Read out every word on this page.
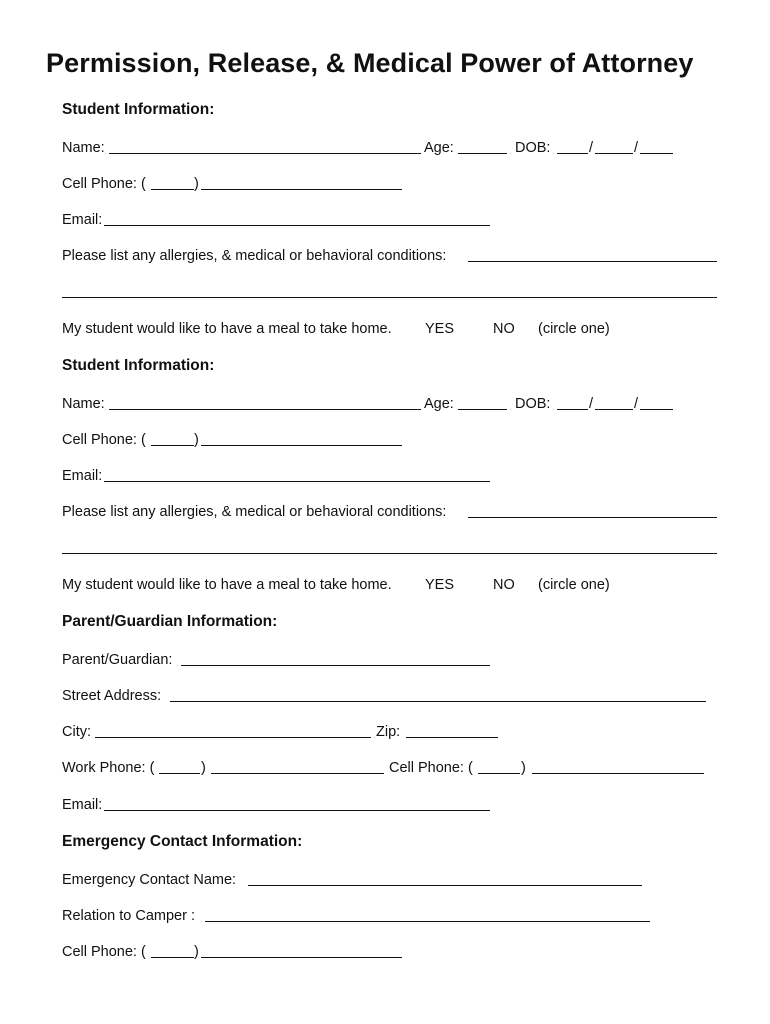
Permission, Release, & Medical Power of Attorney
Student Information:
Name:	Age:	DOB:	/	/
Cell Phone: (	)
Email:
Please list any allergies, & medical or behavioral conditions:
My student would like to have a meal to take home. YES	NO (circle one)
Student Information:
Name:	Age:	DOB:	/	/
Cell Phone: (	)
Email:
Please list any allergies, & medical or behavioral conditions:
My student would like to have a meal to take home. YES	NO (circle one)
Parent/Guardian Information:
Parent/Guardian:
Street Address:
City:	Zip:
Work Phone: (	)	Cell Phone: (	)
Email:
Emergency Contact Information:
Emergency Contact Name:
Relation to Camper :
Cell Phone: (	)
